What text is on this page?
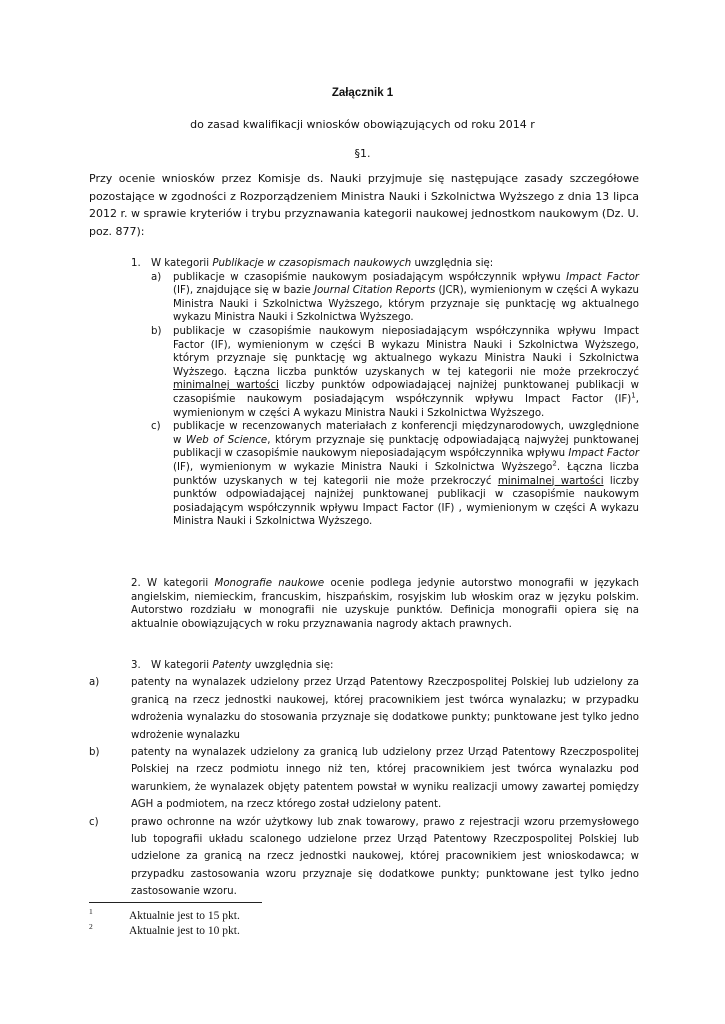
Załącznik 1
do zasad kwalifikacji wniosków obowiązujących od roku 2014 r
§1.

Przy ocenie wniosków przez Komisje ds. Nauki przyjmuje się następujące zasady szczegółowe pozostające w zgodności z Rozporządzeniem Ministra Nauki i Szkolnictwa Wyższego z dnia 13 lipca 2012 r. w sprawie kryteriów i trybu przyznawania kategorii naukowej jednostkom naukowym (Dz. U. poz. 877):

1. W kategorii Publikacje w czasopismach naukowych uwzględnia się:
a) publikacje w czasopiśmie naukowym posiadającym współczynnik wpływu Impact Factor (IF), znajdujące się w bazie Journal Citation Reports (JCR), wymienionym w części A wykazu Ministra Nauki i Szkolnictwa Wyższego, którym przyznaje się punktację wg aktualnego wykazu Ministra Nauki i Szkolnictwa Wyższego.
b) publikacje w czasopiśmie naukowym nieposiadającym współczynnika wpływu Impact Factor (IF), wymienionym w części B wykazu Ministra Nauki i Szkolnictwa Wyższego, którym przyznaje się punktację wg aktualnego wykazu Ministra Nauki i Szkolnictwa Wyższego. Łączna liczba punktów uzyskanych w tej kategorii nie może przekroczyć minimalnej wartości liczby punktów odpowiadającej najniżej punktowanej publikacji w czasopiśmie naukowym posiadającym współczynnik wpływu Impact Factor (IF)$^1$, wymienionym w części A wykazu Ministra Nauki i Szkolnictwa Wyższego.
c) publikacje w recenzowanych materiałach z konferencji międzynarodowych, uwzględnione w Web of Science, którym przyznaje się punktację odpowiadającą najwyżej punktowanej publikacji w czasopiśmie naukowym nieposiadającym współczynnika wpływu Impact Factor (IF), wymienionym w wykazie Ministra Nauki i Szkolnictwa Wyższego$^2$. Łączna liczba punktów uzyskanych w tej kategorii nie może przekroczyć minimalnej wartości liczby punktów odpowiadającej najniżej punktowanej publikacji w czasopiśmie naukowym posiadającym współczynnik wpływu Impact Factor (IF) , wymienionym w części A wykazu Ministra Nauki i Szkolnictwa Wyższego.
2. W kategorii Monografie naukowe ocenie podlega jedynie autorstwo monografii w językach angielskim, niemieckim, francuskim, hiszpańskim, rosyjskim lub włoskim oraz w języku polskim. Autorstwo rozdziału w monografii nie uzyskuje punktów. Definicja monografii opiera się na aktualnie obowiązujących w roku przyznawania nagrody aktach prawnych.
3. W kategorii Patenty uwzględnia się:
a)	patenty na wynalazek udzielony przez Urząd Patentowy Rzeczpospolitej Polskiej lub udzielony za granicą na rzecz jednostki naukowej, której pracownikiem jest twórca wynalazku; w przypadku wdrożenia wynalazku do stosowania przyznaje się dodatkowe punkty; punktowane jest tylko jedno wdrożenie wynalazku
b)	patenty na wynalazek udzielony za granicą lub udzielony przez Urząd Patentowy Rzeczpospolitej Polskiej na rzecz podmiotu innego niż ten, której pracownikiem jest twórca wynalazku pod warunkiem, że wynalazek objęty patentem powstał w wyniku realizacji umowy zawartej pomiędzy AGH a podmiotem, na rzecz którego został udzielony patent.
c)	prawo ochronne na wzór użytkowy lub znak towarowy, prawo z rejestracji wzoru przemysłowego lub topografii układu scalonego udzielone przez Urząd Patentowy Rzeczpospolitej Polskiej lub udzielone za granicą na rzecz jednostki naukowej, której pracownikiem jest wnioskodawca; w przypadku zastosowania wzoru przyznaje się dodatkowe punkty; punktowane jest tylko jedno zastosowanie wzoru.
1	Aktualnie jest to 15 pkt.
2	Aktualnie jest to 10 pkt.
